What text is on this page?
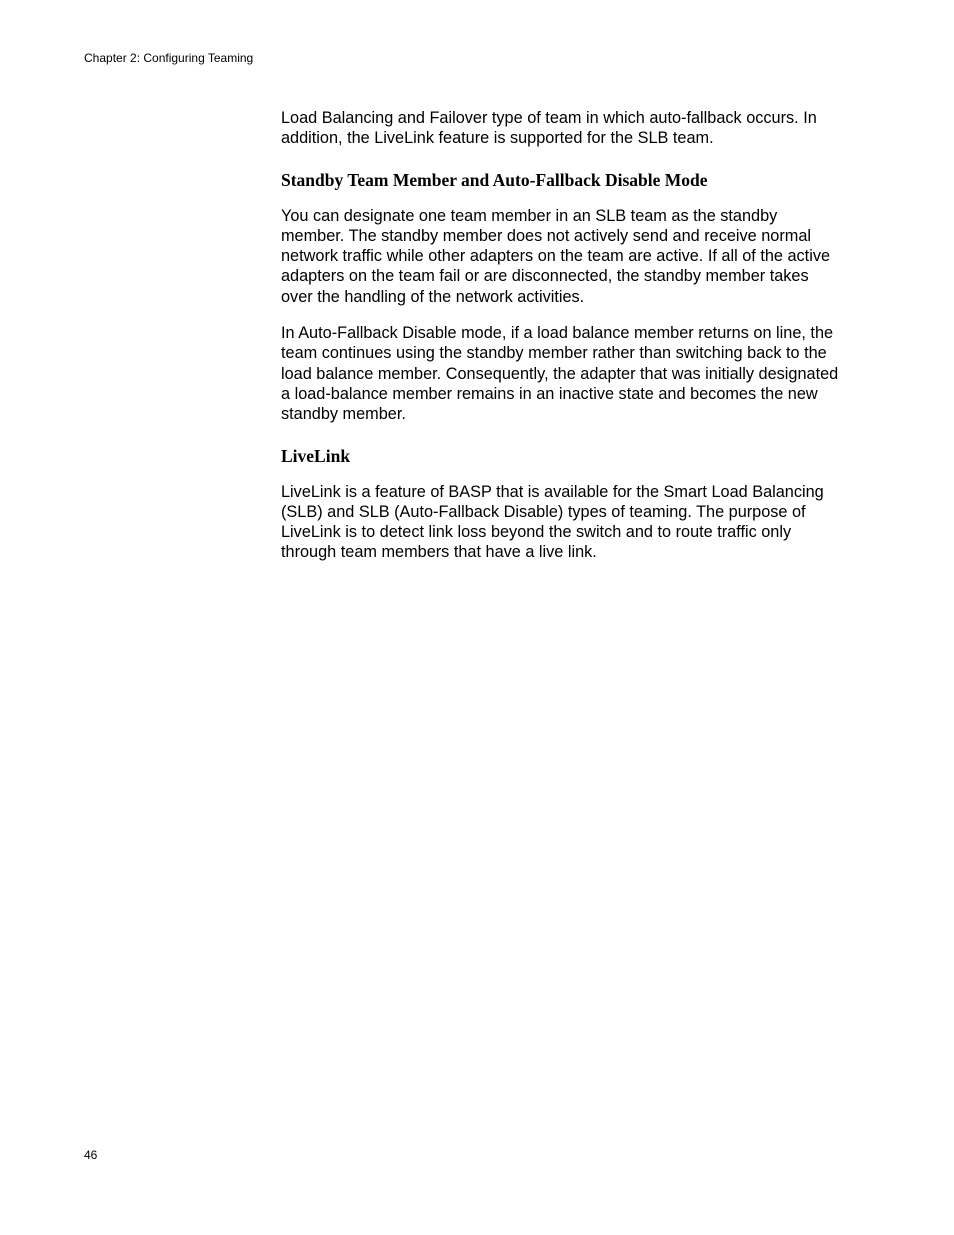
Chapter 2: Configuring Teaming

Load Balancing and Failover type of team in which auto-fallback occurs. In addition, the LiveLink feature is supported for the SLB team.

Standby Team Member and Auto-Fallback Disable Mode

You can designate one team member in an SLB team as the standby member. The standby member does not actively send and receive normal network traffic while other adapters on the team are active. If all of the active adapters on the team fail or are disconnected, the standby member takes over the handling of the network activities.

In Auto-Fallback Disable mode, if a load balance member returns on line, the team continues using the standby member rather than switching back to the load balance member. Consequently, the adapter that was initially designated a load-balance member remains in an inactive state and becomes the new standby member.

LiveLink

LiveLink is a feature of BASP that is available for the Smart Load Balancing (SLB) and SLB (Auto-Fallback Disable) types of teaming. The purpose of LiveLink is to detect link loss beyond the switch and to route traffic only through team members that have a live link.

46
